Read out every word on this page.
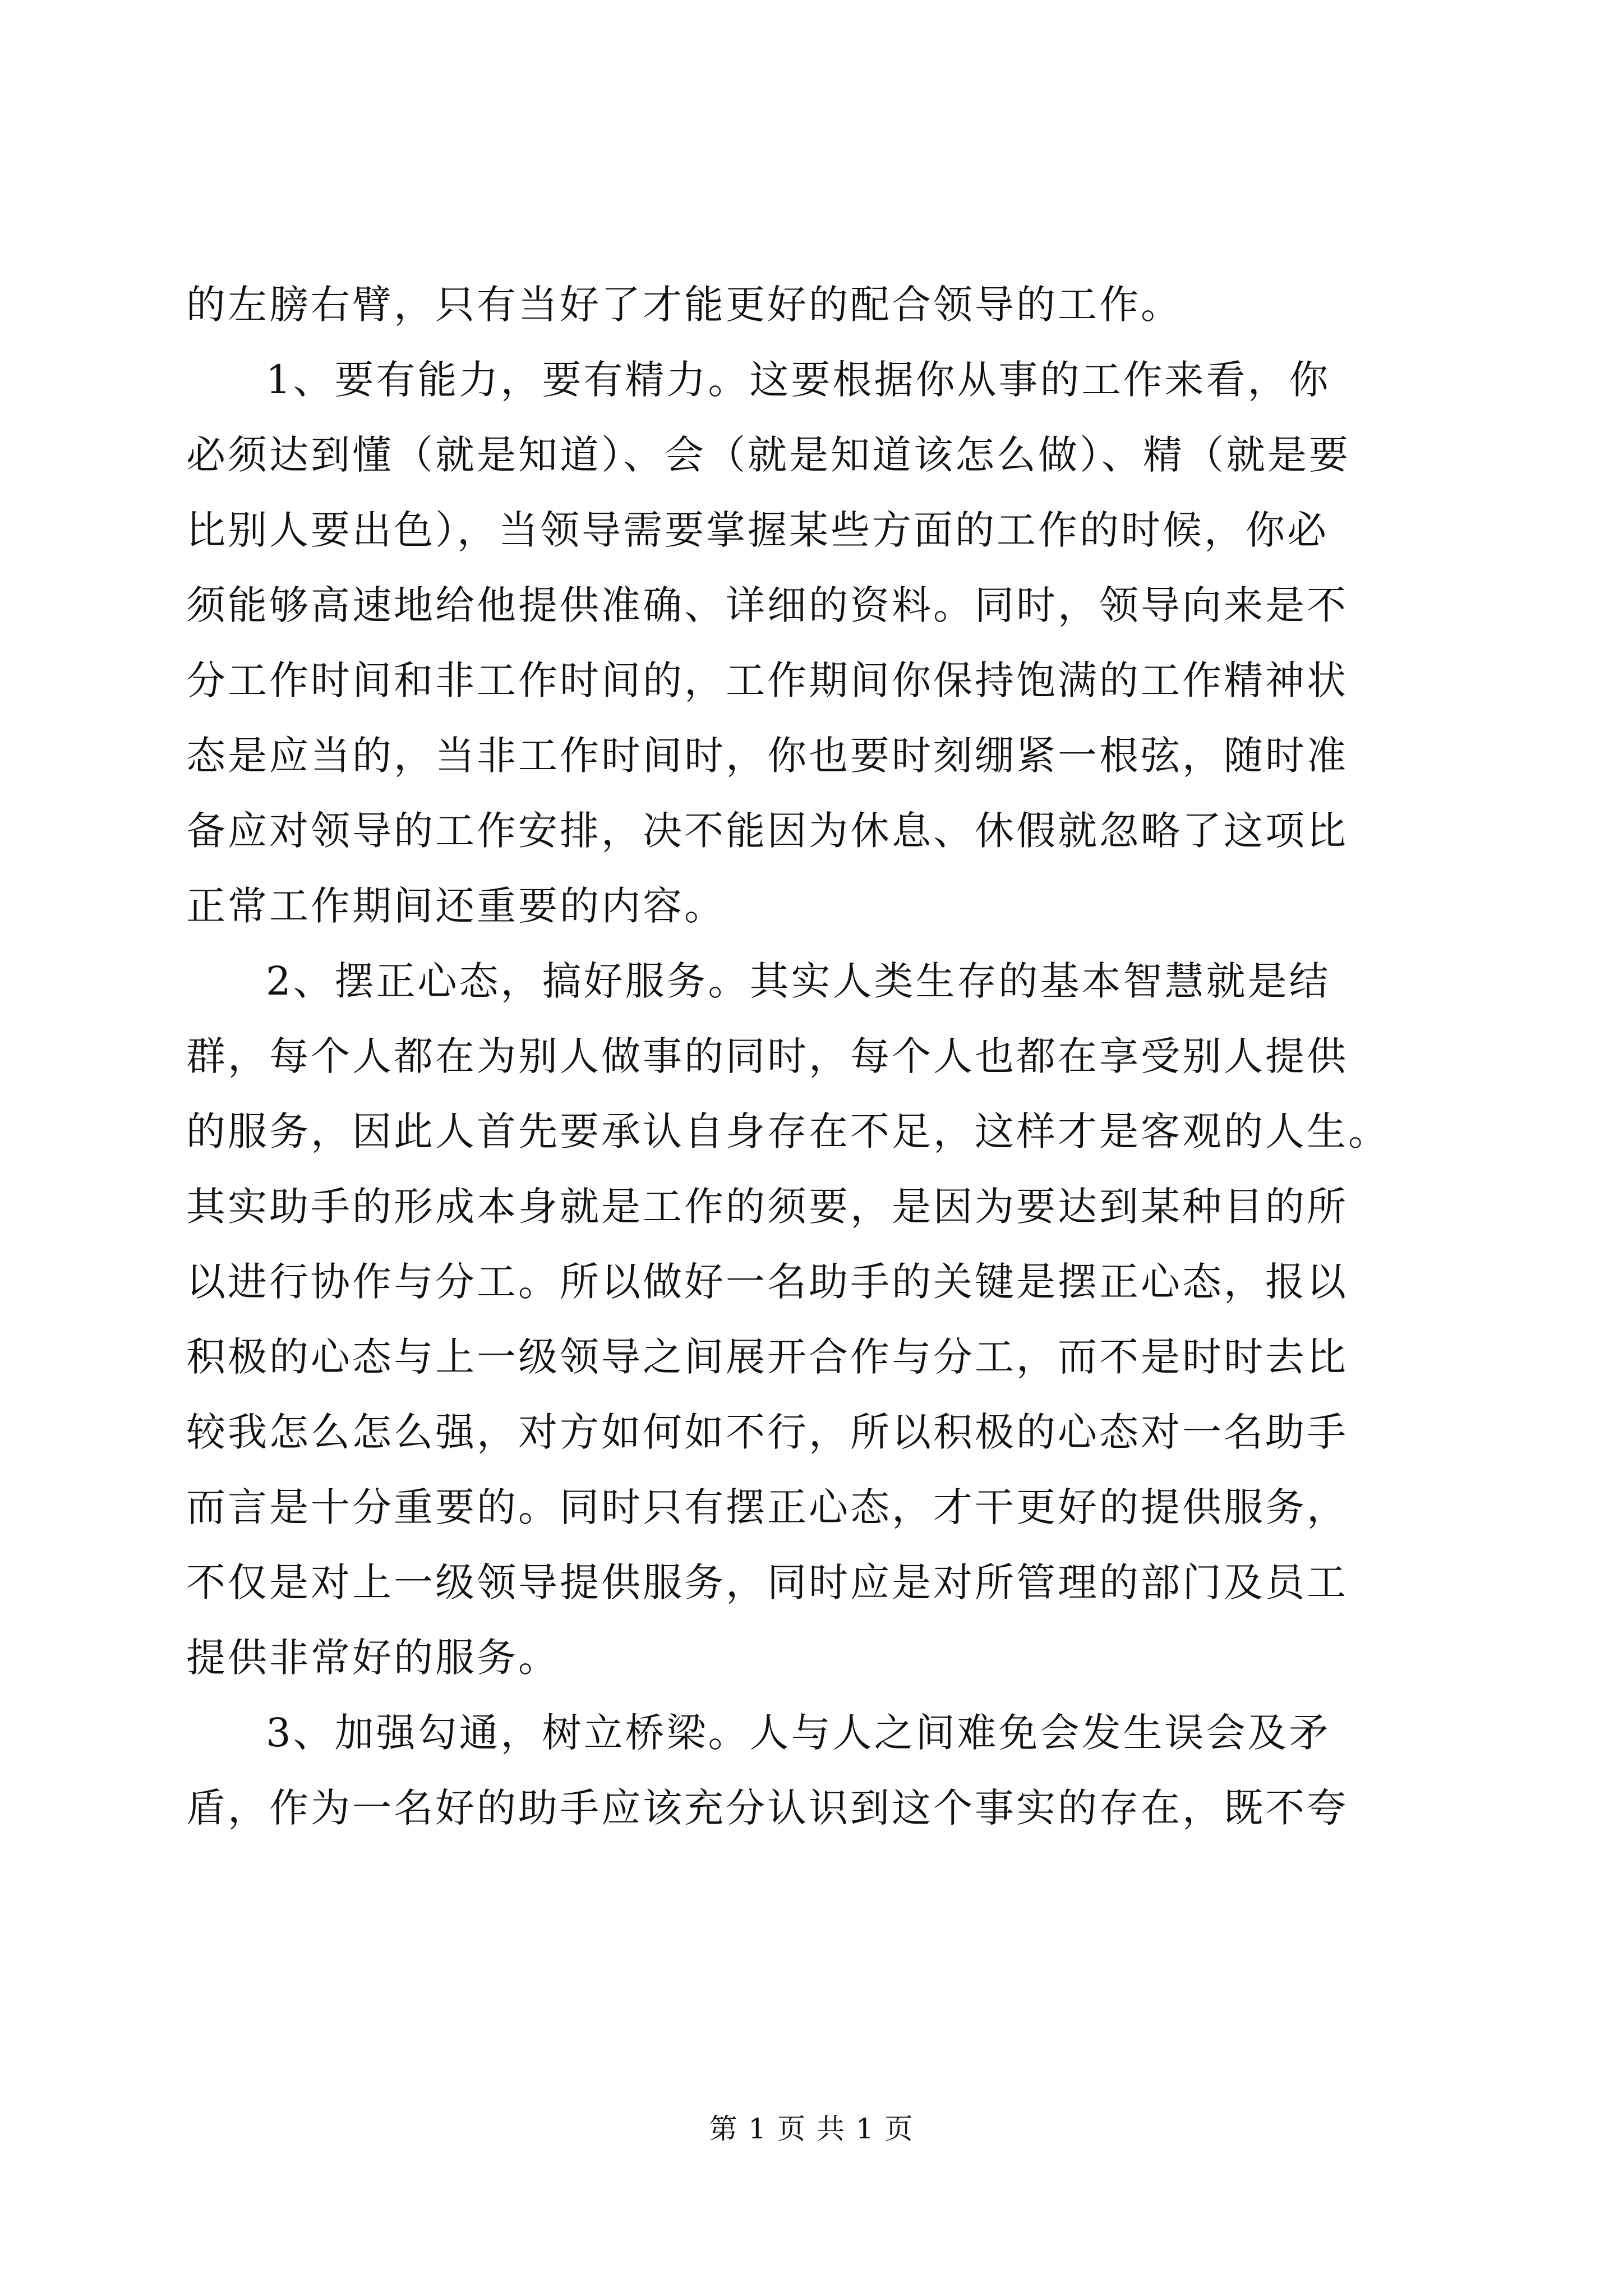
的左膀右臂，只有当好了才能更好的配合领导的工作。
1、要有能力，要有精力。这要根据你从事的工作来看，你
必须达到懂（就是知道）、会（就是知道该怎么做）、精（就是要
比别人要出色），当领导需要掌握某些方面的工作的时候，你必
须能够高速地给他提供准确、详细的资料。同时，领导向来是不
分工作时间和非工作时间的，工作期间你保持饱满的工作精神状
态是应当的，当非工作时间时，你也要时刻绷紧一根弦，随时准
备应对领导的工作安排，决不能因为休息、休假就忽略了这项比
正常工作期间还重要的内容。
2、摆正心态，搞好服务。其实人类生存的基本智慧就是结
群，每个人都在为别人做事的同时，每个人也都在享受别人提供
的服务，因此人首先要承认自身存在不足，这样才是客观的人生。
其实助手的形成本身就是工作的须要，是因为要达到某种目的所
以进行协作与分工。所以做好一名助手的关键是摆正心态，报以
积极的心态与上一级领导之间展开合作与分工，而不是时时去比
较我怎么怎么强，对方如何如不行，所以积极的心态对一名助手
而言是十分重要的。同时只有摆正心态，才干更好的提供服务，
不仅是对上一级领导提供服务，同时应是对所管理的部门及员工
提供非常好的服务。
3、加强勾通，树立桥梁。人与人之间难免会发生误会及矛
盾，作为一名好的助手应该充分认识到这个事实的存在，既不夸
第 1 页 共 1 页
